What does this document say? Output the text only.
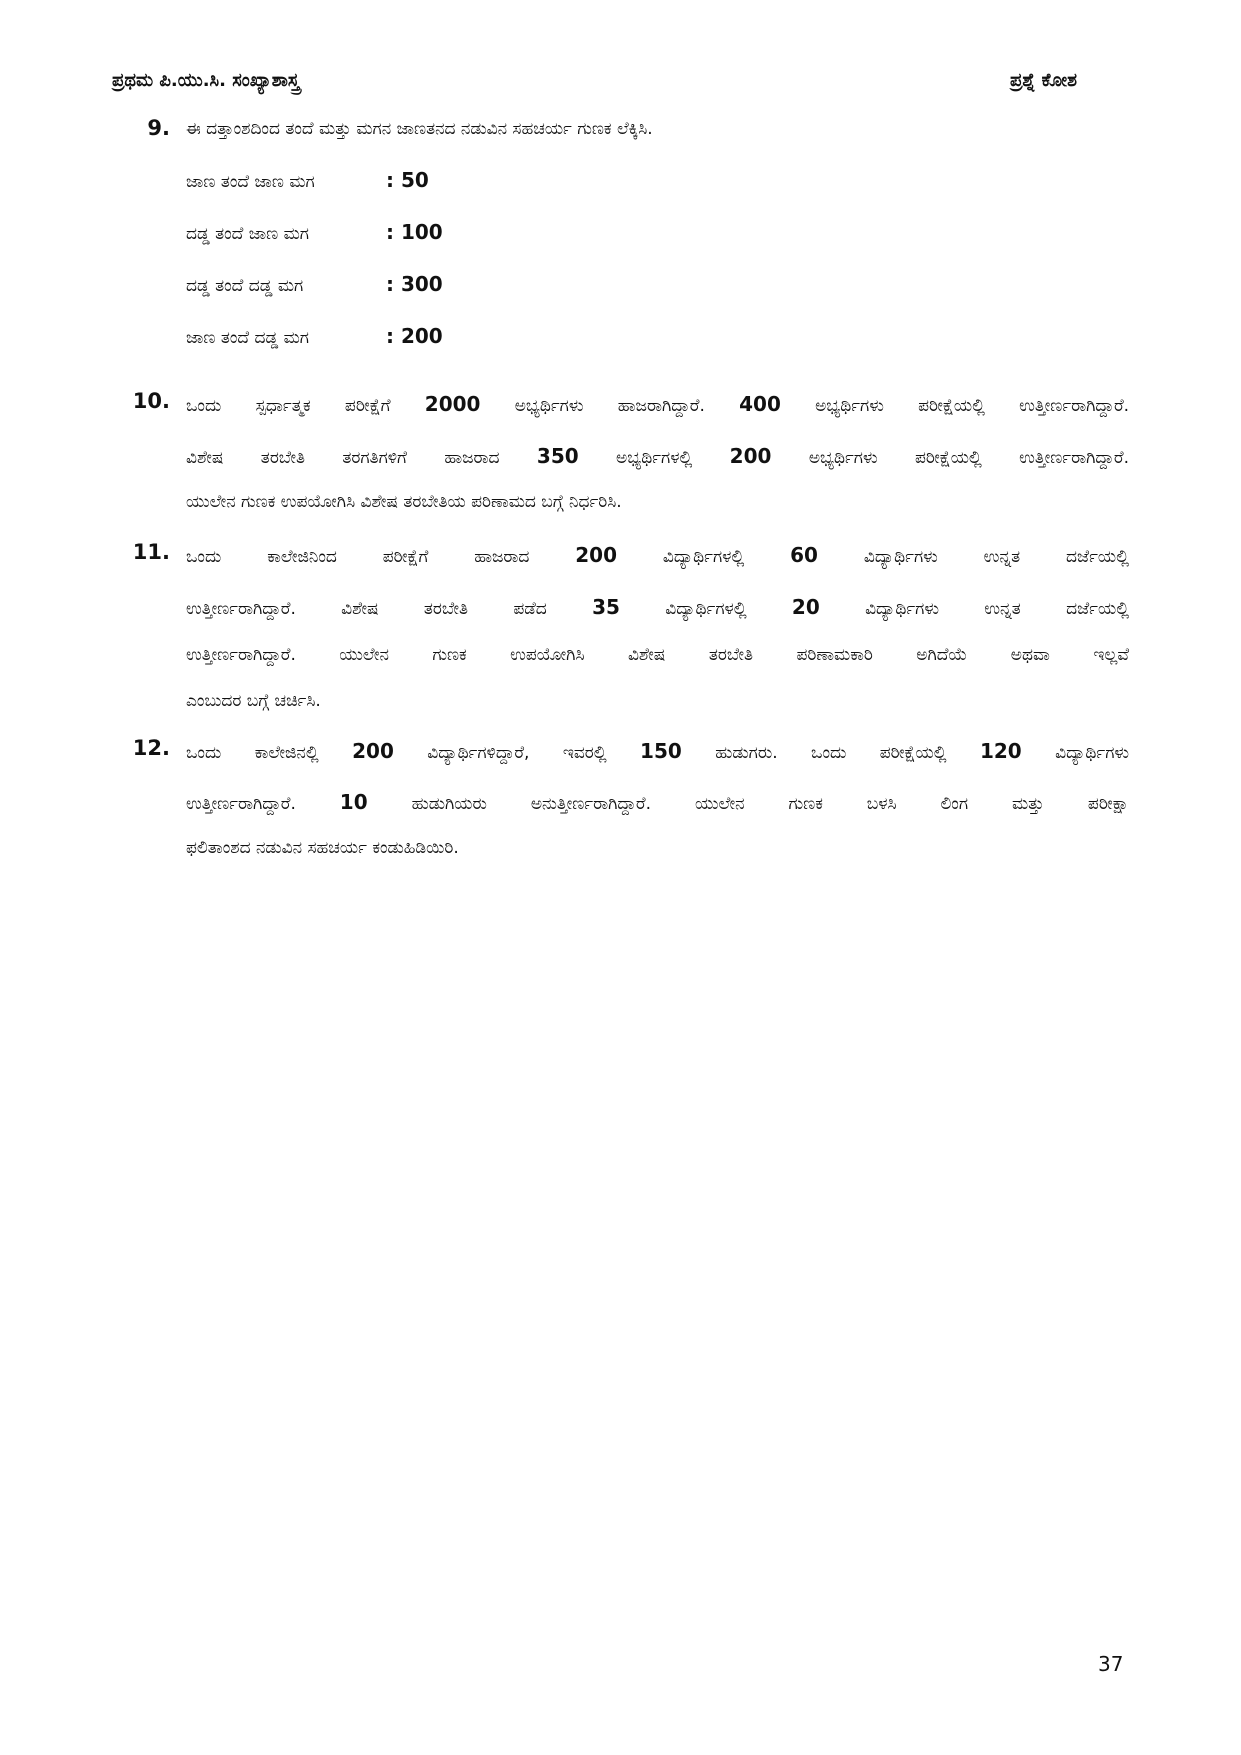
ಪ್ರಥಮ ಪಿ.ಯು.ಸಿ. ಸಂಖ್ಯಾಶಾಸ್ತ್ರ	ಪ್ರಶ್ನೆ ಕೋಶ
9. ಈ ದತ್ತಾಂಶದಿಂದ ತಂದೆ ಮತ್ತು ಮಗನ ಜಾಣತನದ ನಡುವಿನ ಸಹಚರ್ಯ ಗುಣಕ ಲೆಕ್ಕಿಸಿ.
ಜಾಣ ತಂದೆ ಜಾಣ ಮಗ	: 50
ದಡ್ಡ ತಂದೆ ಜಾಣ ಮಗ	: 100
ದಡ್ಡ ತಂದೆ ದಡ್ಡ ಮಗ	: 300
ಜಾಣ ತಂದೆ ದಡ್ಡ ಮಗ	: 200
10. ಒಂದು ಸ್ಪರ್ಧಾತ್ಮಕ ಪರೀಕ್ಷೆಗೆ 2000 ಅಭ್ಯರ್ಥಿಗಳು ಹಾಜರಾಗಿದ್ದಾರೆ. 400 ಅಭ್ಯರ್ಥಿಗಳು ಪರೀಕ್ಷೆಯಲ್ಲಿ ಉತ್ತೀರ್ಣರಾಗಿದ್ದಾರೆ.
ವಿಶೇಷ ತರಬೇತಿ ತರಗತಿಗಳಿಗೆ ಹಾಜರಾದ 350 ಅಭ್ಯರ್ಥಿಗಳಲ್ಲಿ 200 ಅಭ್ಯರ್ಥಿಗಳು ಪರೀಕ್ಷೆಯಲ್ಲಿ ಉತ್ತೀರ್ಣರಾಗಿದ್ದಾರೆ.
ಯುಲೇನ ಗುಣಕ ಉಪಯೋಗಿಸಿ ವಿಶೇಷ ತರಬೇತಿಯ ಪರಿಣಾಮದ ಬಗ್ಗೆ ನಿರ್ಧರಿಸಿ.
11. ಒಂದು ಕಾಲೇಜಿನಿಂದ ಪರೀಕ್ಷೆಗೆ ಹಾಜರಾದ 200	ವಿದ್ಯಾರ್ಥಿಗಳಲ್ಲಿ 60	ವಿದ್ಯಾರ್ಥಿಗಳು ಉನ್ನತ ದರ್ಜೆಯಲ್ಲಿ
ಉತ್ತೀರ್ಣರಾಗಿದ್ದಾರೆ. ವಿಶೇಷ ತರಬೇತಿ ಪಡೆದ 35	ವಿದ್ಯಾರ್ಥಿಗಳಲ್ಲಿ 20	ವಿದ್ಯಾರ್ಥಿಗಳು ಉನ್ನತ ದರ್ಜೆಯಲ್ಲಿ
ಉತ್ತೀರ್ಣರಾಗಿದ್ದಾರೆ. ಯುಲೇನ ಗುಣಕ ಉಪಯೋಗಿಸಿ ವಿಶೇಷ ತರಬೇತಿ ಪರಿಣಾಮಕಾರಿ ಅಗಿದೆಯೆ ಅಥವಾ ಇಲ್ಲವೆ
ಎಂಬುದರ ಬಗ್ಗೆ ಚರ್ಚಿಸಿ.
12. ಒಂದು ಕಾಲೇಜಿನಲ್ಲಿ 200 ವಿದ್ಯಾರ್ಥಿಗಳಿದ್ದಾರೆ, ಇವರಲ್ಲಿ 150 ಹುಡುಗರು. ಒಂದು ಪರೀಕ್ಷೆಯಲ್ಲಿ 120 ವಿದ್ಯಾರ್ಥಿಗಳು
ಉತ್ತೀರ್ಣರಾಗಿದ್ದಾರೆ. 10	ಹುಡುಗಿಯರು ಅನುತ್ತೀರ್ಣರಾಗಿದ್ದಾರೆ. ಯುಲೇನ ಗುಣಕ ಬಳಸಿ ಲಿಂಗ ಮತ್ತು ಪರೀಕ್ಷಾ
ಫಲಿತಾಂಶದ ನಡುವಿನ ಸಹಚರ್ಯ ಕಂಡುಹಿಡಿಯಿರಿ.
37
